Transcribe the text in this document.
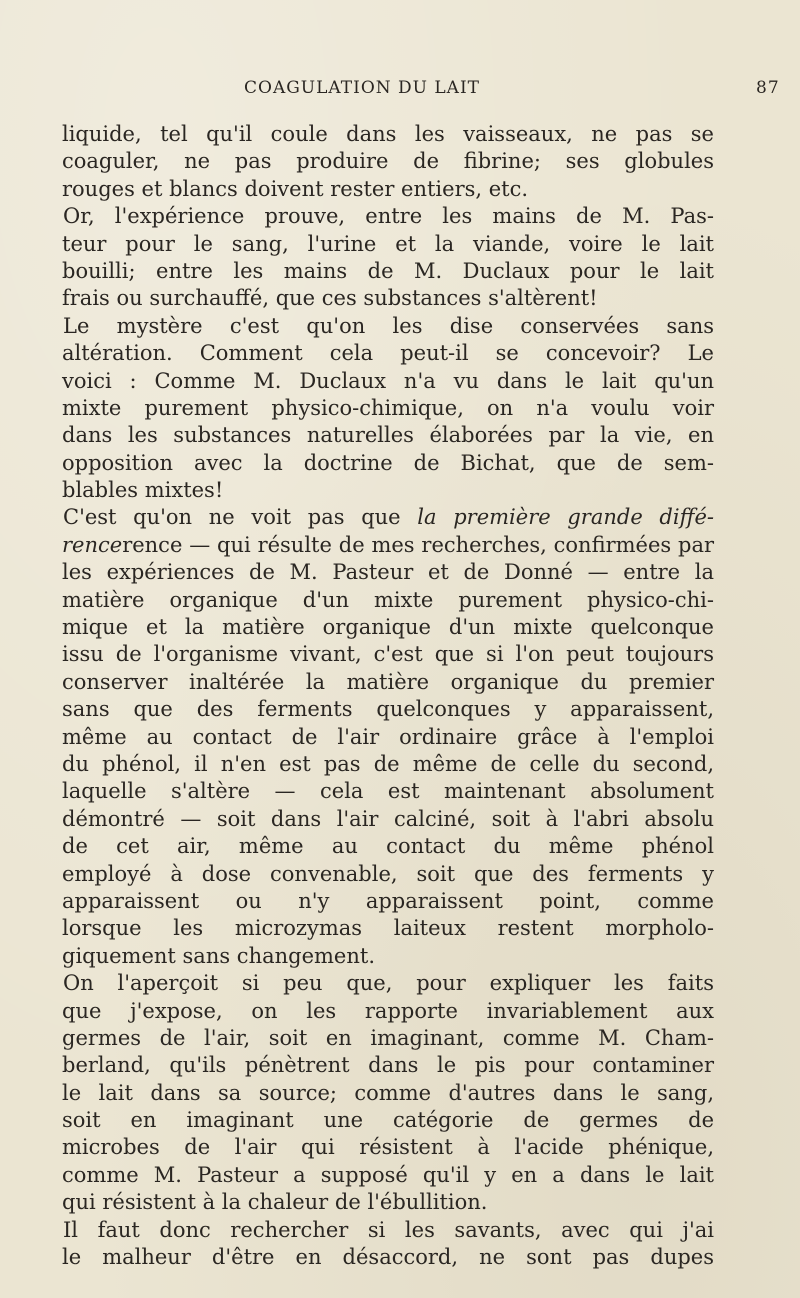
COAGULATION DU LAIT	87
liquide, tel qu'il coule dans les vaisseaux, ne pas se
coaguler, ne pas produire de fibrine; ses globules
rouges et blancs doivent rester entiers, etc.
Or, l'expérience prouve, entre les mains de M. Pas-
teur pour le sang, l'urine et la viande, voire le lait
bouilli; entre les mains de M. Duclaux pour le lait
frais ou surchauffé, que ces substances s'altèrent!
Le mystère c'est qu'on les dise conservées sans
altération. Comment cela peut-il se concevoir? Le
voici : Comme M. Duclaux n'a vu dans le lait qu'un
mixte purement physico-chimique, on n'a voulu voir
dans les substances naturelles élaborées par la vie, en
opposition avec la doctrine de Bichat, que de sem-
blables mixtes!
C'est qu'on ne voit pas que la première grande diffé-
rencerence — qui résulte de mes recherches, confirmées par
les expériences de M. Pasteur et de Donné — entre la
matière organique d'un mixte purement physico-chi-
mique et la matière organique d'un mixte quelconque
issu de l'organisme vivant, c'est que si l'on peut toujours
conserver inaltérée la matière organique du premier
sans que des ferments quelconques y apparaissent,
même au contact de l'air ordinaire grâce à l'emploi
du phénol, il n'en est pas de même de celle du second,
laquelle s'altère — cela est maintenant absolument
démontré — soit dans l'air calciné, soit à l'abri absolu
de cet air, même au contact du même phénol
employé à dose convenable, soit que des ferments y
apparaissent ou n'y apparaissent point, comme
lorsque les microzymas laiteux restent morpholo-
giquement sans changement.
On l'aperçoit si peu que, pour expliquer les faits
que j'expose, on les rapporte invariablement aux
germes de l'air, soit en imaginant, comme M. Cham-
berland, qu'ils pénètrent dans le pis pour contaminer
le lait dans sa source; comme d'autres dans le sang,
soit en imaginant une catégorie de germes de
microbes de l'air qui résistent à l'acide phénique,
comme M. Pasteur a supposé qu'il y en a dans le lait
qui résistent à la chaleur de l'ébullition.
Il faut donc rechercher si les savants, avec qui j'ai
le malheur d'être en désaccord, ne sont pas dupes
